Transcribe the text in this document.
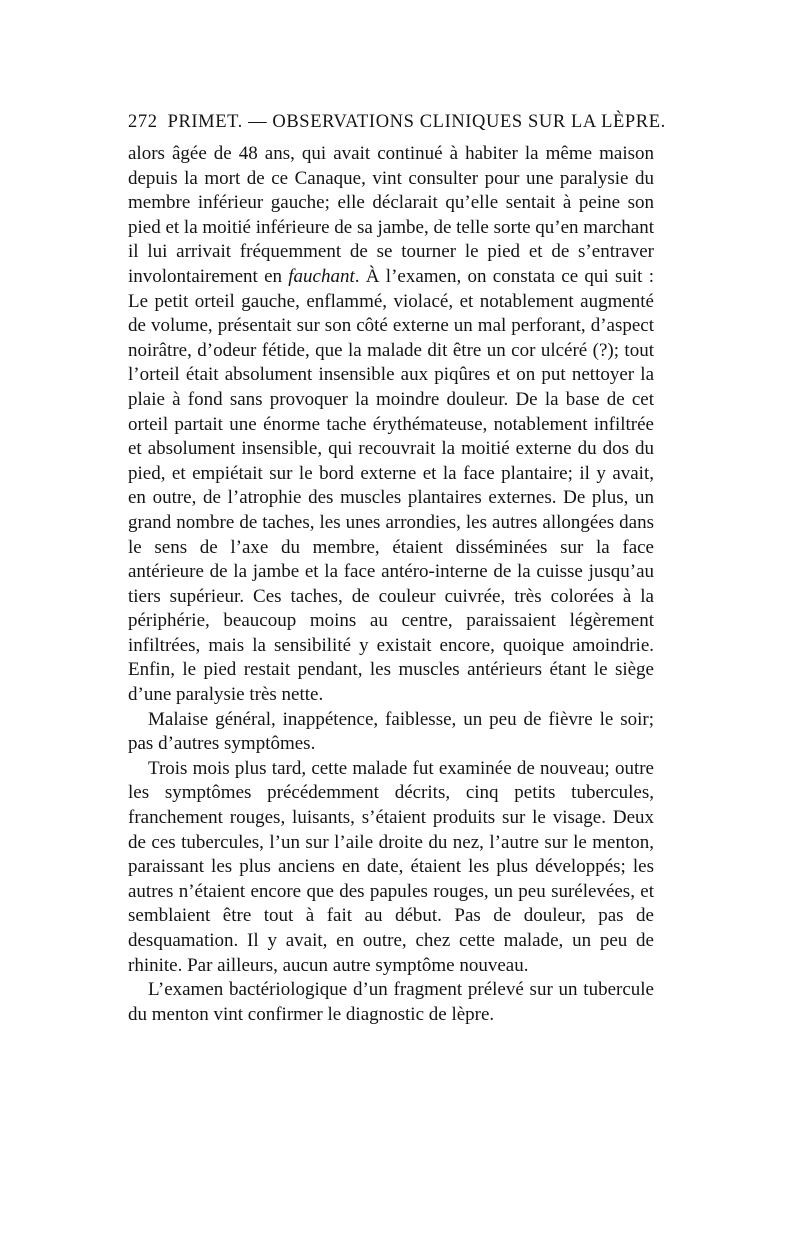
272 PRIMET. — OBSERVATIONS CLINIQUES SUR LA LÈPRE.

alors âgée de 48 ans, qui avait continué à habiter la même maison depuis la mort de ce Canaque, vint consulter pour une paralysie du membre inférieur gauche; elle déclarait qu’elle sentait à peine son pied et la moitié inférieure de sa jambe, de telle sorte qu’en marchant il lui arrivait fréquemment de se tourner le pied et de s’entraver involontairement en fauchant. À l’examen, on constata ce qui suit : Le petit orteil gauche, enflammé, violacé, et notablement augmenté de volume, présentait sur son côté externe un mal perforant, d’aspect noirâtre, d’odeur fétide, que la malade dit être un cor ulcéré (?); tout l’orteil était absolument insensible aux piqûres et on put nettoyer la plaie à fond sans provoquer la moindre douleur. De la base de cet orteil partait une énorme tache érythémateuse, notablement infiltrée et absolument insensible, qui recouvrait la moitié externe du dos du pied, et empiétait sur le bord externe et la face plantaire; il y avait, en outre, de l’atrophie des muscles plantaires externes. De plus, un grand nombre de taches, les unes arrondies, les autres allongées dans le sens de l’axe du membre, étaient disséminées sur la face antérieure de la jambe et la face antéro-interne de la cuisse jusqu’au tiers supérieur. Ces taches, de couleur cuivrée, très colorées à la périphérie, beaucoup moins au centre, paraissaient légèrement infiltrées, mais la sensibilité y existait encore, quoique amoindrie. Enfin, le pied restait pendant, les muscles antérieurs étant le siège d’une paralysie très nette.

Malaise général, inappétence, faiblesse, un peu de fièvre le soir; pas d’autres symptômes.

Trois mois plus tard, cette malade fut examinée de nouveau; outre les symptômes précédemment décrits, cinq petits tubercules, franchement rouges, luisants, s’étaient produits sur le visage. Deux de ces tubercules, l’un sur l’aile droite du nez, l’autre sur le menton, paraissant les plus anciens en date, étaient les plus développés; les autres n’étaient encore que des papules rouges, un peu surélevées, et semblaient être tout à fait au début. Pas de douleur, pas de desquamation. Il y avait, en outre, chez cette malade, un peu de rhinite. Par ailleurs, aucun autre symptôme nouveau.

L’examen bactériologique d’un fragment prélevé sur un tubercule du menton vint confirmer le diagnostic de lèpre.
